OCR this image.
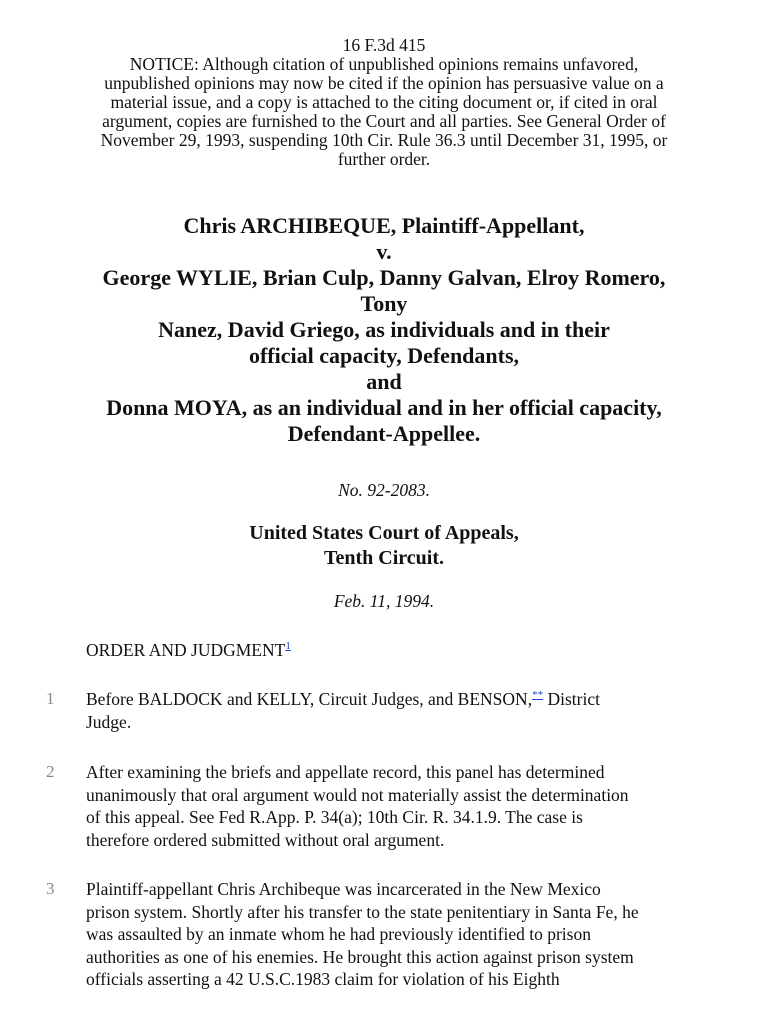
16 F.3d 415

NOTICE: Although citation of unpublished opinions remains unfavored,

unpublished opinions may now be cited if the opinion has persuasive value on a

material issue, and a copy is attached to the citing document or, if cited in oral

argument, copies are furnished to the Court and all parties. See General Order of

November 29, 1993, suspending 10th Cir. Rule 36.3 until December 31, 1995, or

further order.

Chris ARCHIBEQUE, Plaintiff-Appellant,

v.

George WYLIE, Brian Culp, Danny Galvan, Elroy Romero,

Tony

Nanez, David Griego, as individuals and in their

official capacity, Defendants,

and

Donna MOYA, as an individual and in her official capacity,

Defendant-Appellee.

No. 92-2083.

United States Court of Appeals,

Tenth Circuit.

Feb. 11, 1994.
ORDER AND JUDGMENT$^1$
1 Before BALDOCK and KELLY, Circuit Judges, and BENSON,** District
Judge.
2 After examining the briefs and appellate record, this panel has determined
unanimously that oral argument would not materially assist the determination
of this appeal. See Fed R.App. P. 34(a); 10th Cir. R. 34.1.9. The case is
therefore ordered submitted without oral argument.
3 Plaintiff-appellant Chris Archibeque was incarcerated in the New Mexico
prison system. Shortly after his transfer to the state penitentiary in Santa Fe, he
was assaulted by an inmate whom he had previously identified to prison
authorities as one of his enemies. He brought this action against prison system
officials asserting a 42 U.S.C.1983 claim for violation of his Eighth
